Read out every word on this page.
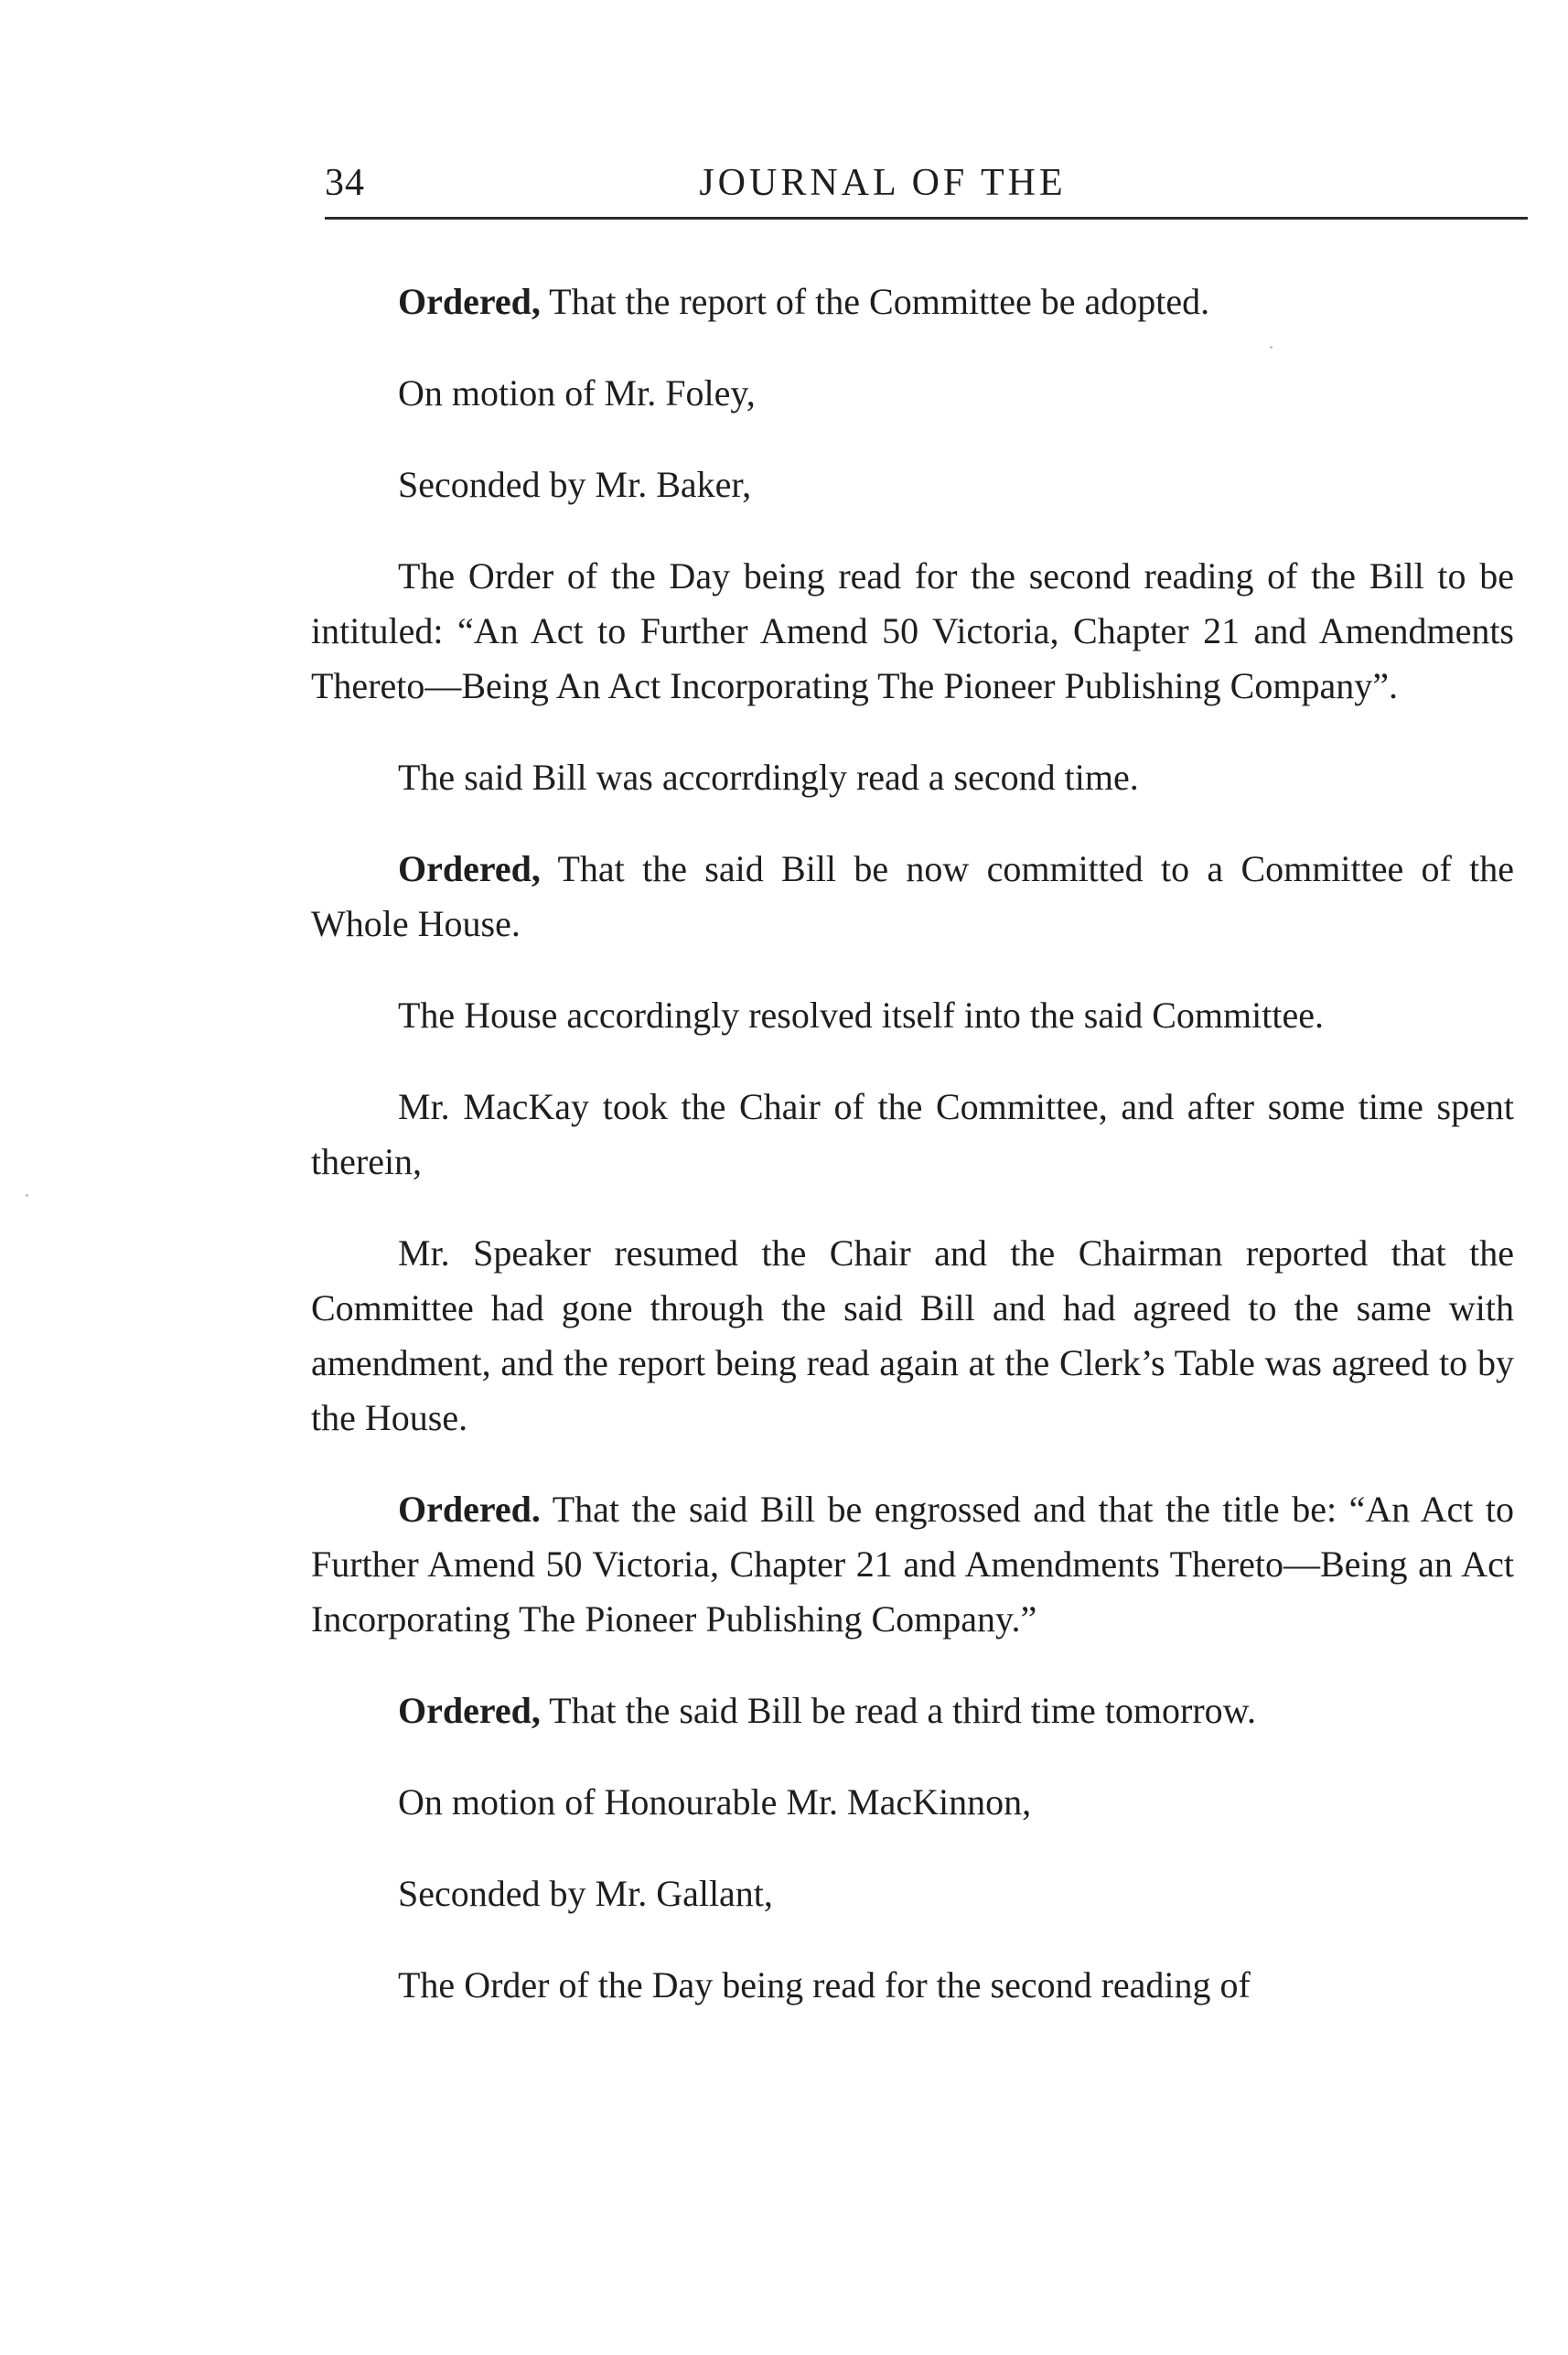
34	JOURNAL OF THE

Ordered, That the report of the Committee be adopted.

On motion of Mr. Foley,

Seconded by Mr. Baker,

The Order of the Day being read for the second reading of the Bill to be intituled: “An Act to Further Amend 50 Victoria, Chapter 21 and Amendments Thereto—Being An Act Incorporating The Pioneer Publishing Company”.

The said Bill was accorrdingly read a second time.

Ordered, That the said Bill be now committed to a Committee of the Whole House.

The House accordingly resolved itself into the said Committee.

Mr. MacKay took the Chair of the Committee, and after some time spent therein,

Mr. Speaker resumed the Chair and the Chairman reported that the Committee had gone through the said Bill and had agreed to the same with amendment, and the report being read again at the Clerk’s Table was agreed to by the House.

Ordered. That the said Bill be engrossed and that the title be: “An Act to Further Amend 50 Victoria, Chapter 21 and Amendments Thereto—Being an Act Incorporating The Pioneer Publishing Company.”

Ordered, That the said Bill be read a third time tomorrow.

On motion of Honourable Mr. MacKinnon,

Seconded by Mr. Gallant,

The Order of the Day being read for the second reading of
